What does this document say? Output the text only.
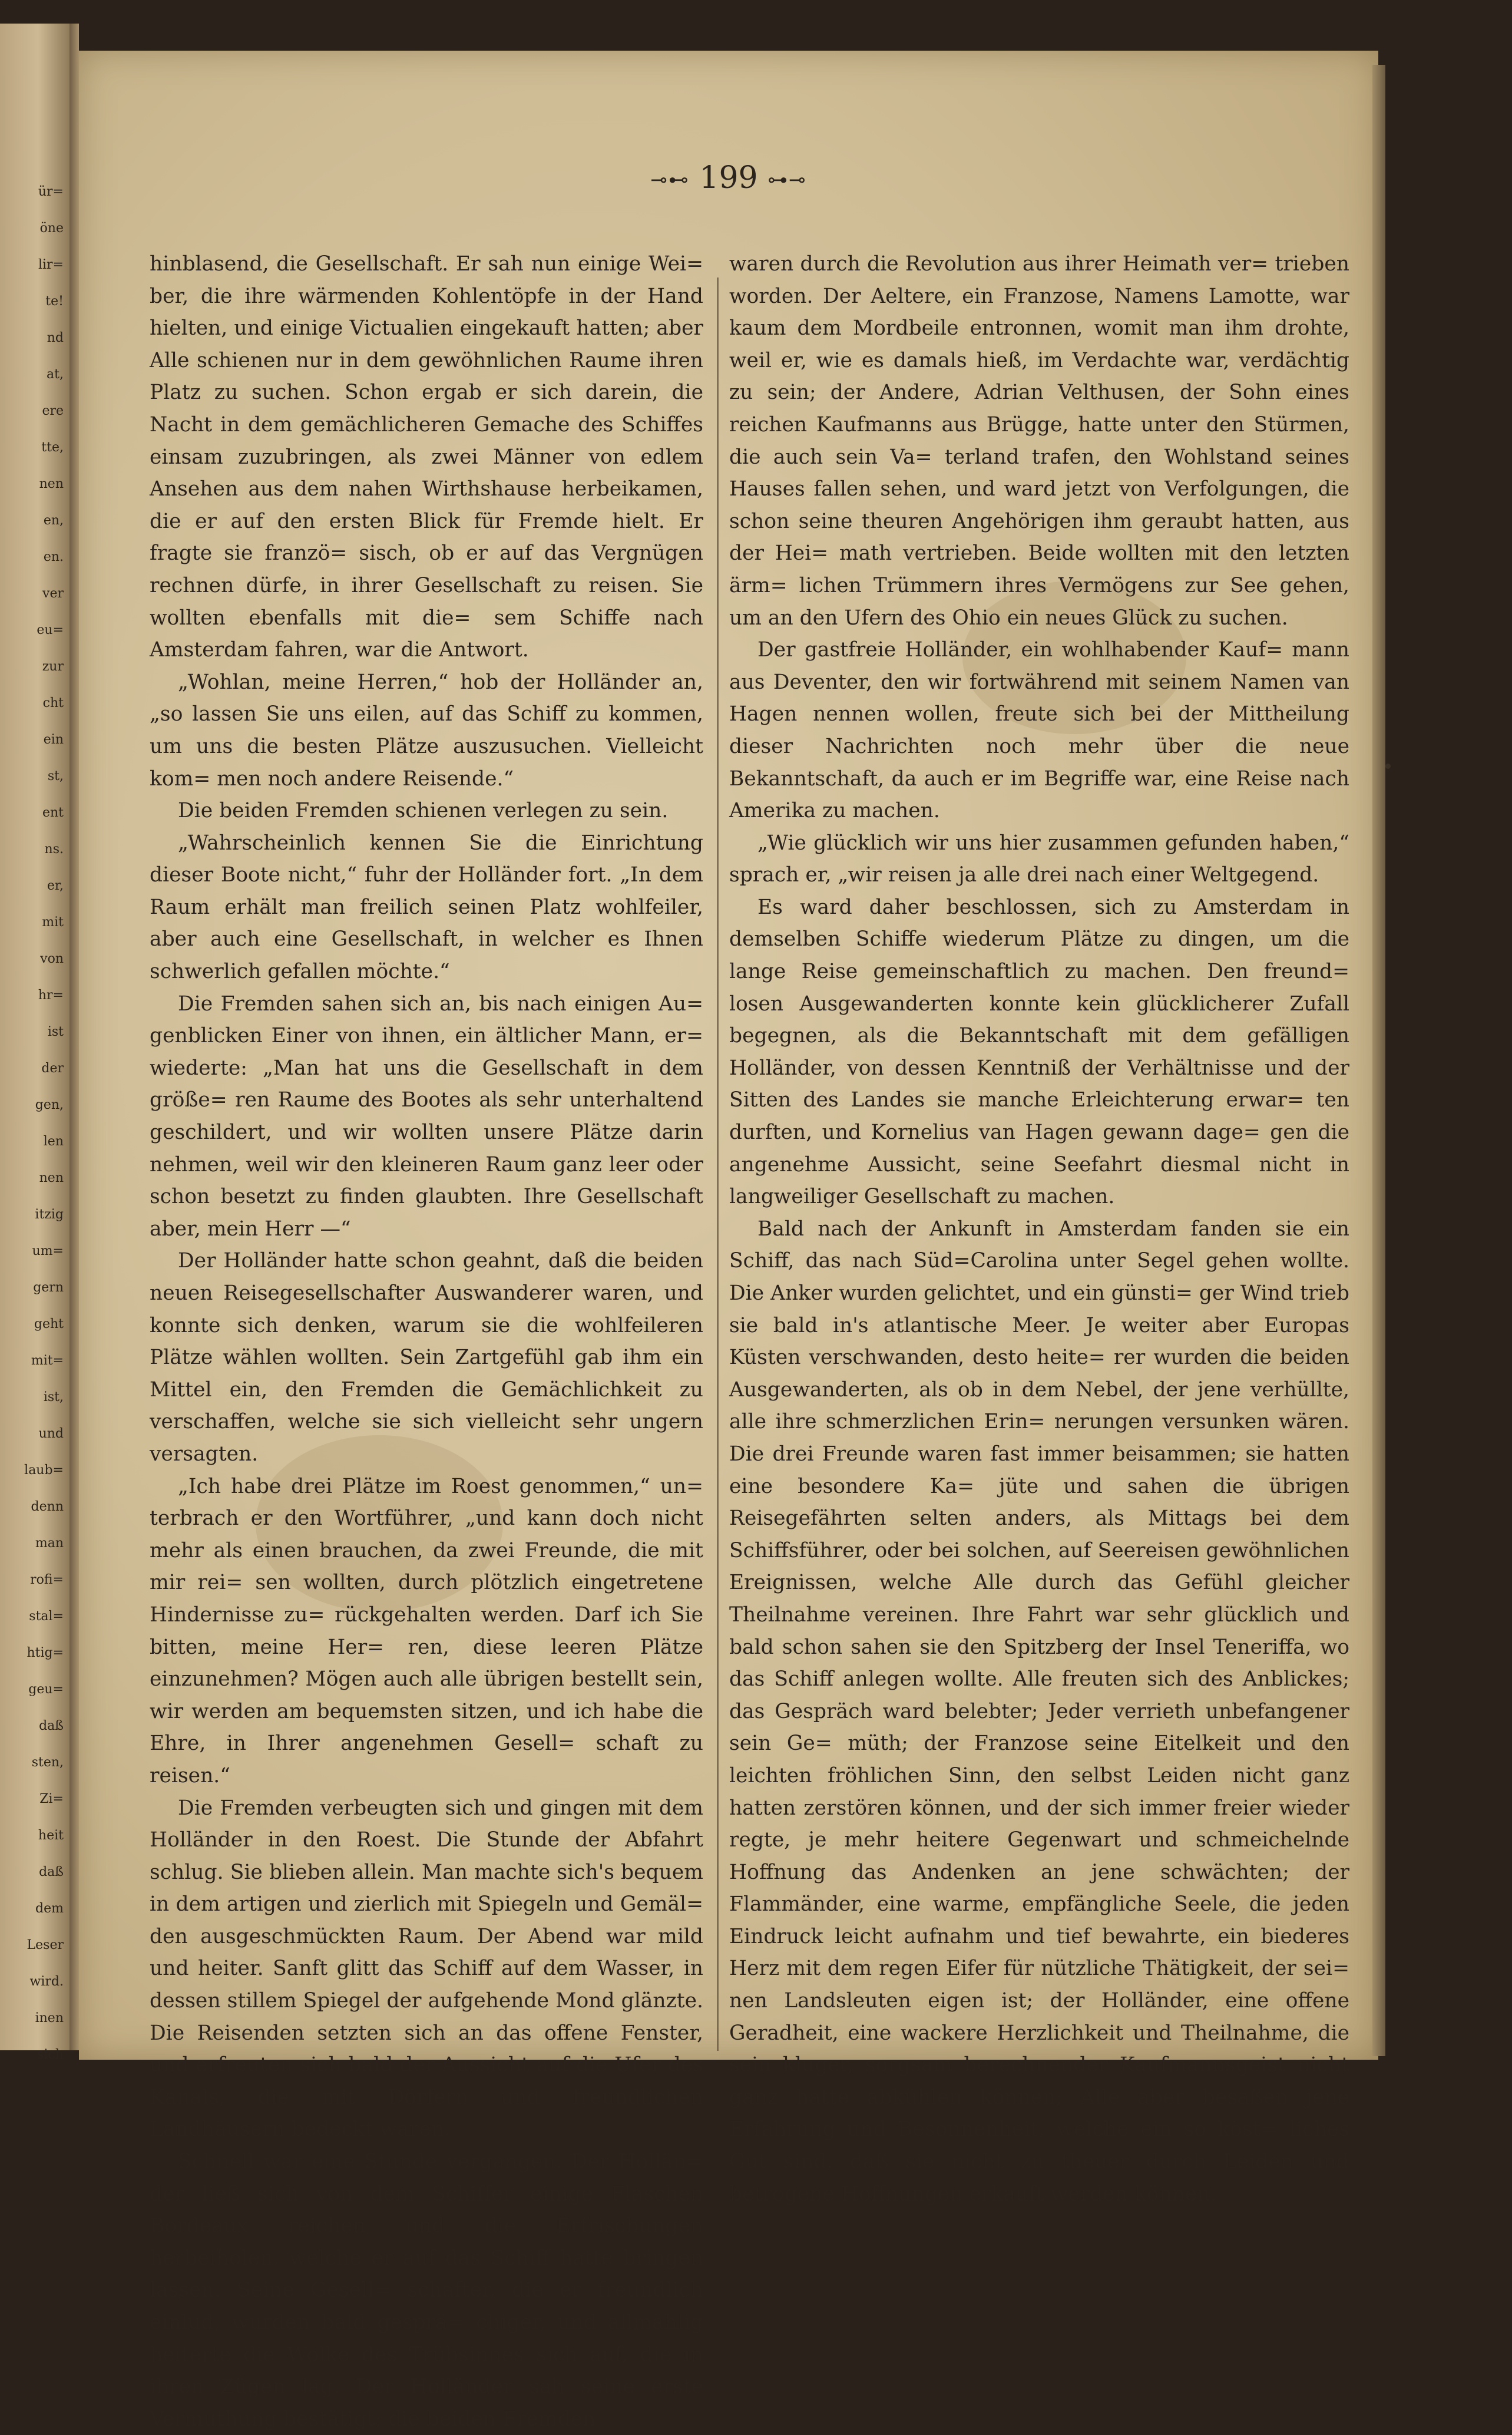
ür=
öne
lir=
te!
nd
at,
ere
tte,
nen
en,
en.
ver
eu=
zur
cht
ein
st,
ent
ns.
er,
mit
von
hr=
ist
der
gen,
len
nen
itzig
um=
gern
geht
mit=
ist,
und
laub=
denn
man
rofi=
stal=
htig=
geu=
daß
sten,
Zi=
heit
daß
dem
Leser
wird.
inen
sich
⊸⊷ 199 ⊶⊸

hinblasend, die Gesellschaft. Er sah nun einige Wei= ber, die ihre wärmenden Kohlentöpfe in der Hand hielten, und einige Victualien eingekauft hatten; aber Alle schienen nur in dem gewöhnlichen Raume ihren Platz zu suchen. Schon ergab er sich darein, die Nacht in dem gemächlicheren Gemache des Schiffes einsam zuzubringen, als zwei Männer von edlem Ansehen aus dem nahen Wirthshause herbeikamen, die er auf den ersten Blick für Fremde hielt. Er fragte sie franzö= sisch, ob er auf das Vergnügen rechnen dürfe, in ihrer Gesellschaft zu reisen. Sie wollten ebenfalls mit die= sem Schiffe nach Amsterdam fahren, war die Antwort.

„Wohlan, meine Herren,“ hob der Holländer an, „so lassen Sie uns eilen, auf das Schiff zu kommen, um uns die besten Plätze auszusuchen. Vielleicht kom= men noch andere Reisende.“

Die beiden Fremden schienen verlegen zu sein.

„Wahrscheinlich kennen Sie die Einrichtung dieser Boote nicht,“ fuhr der Holländer fort. „In dem Raum erhält man freilich seinen Platz wohlfeiler, aber auch eine Gesellschaft, in welcher es Ihnen schwerlich gefallen möchte.“

Die Fremden sahen sich an, bis nach einigen Au= genblicken Einer von ihnen, ein ältlicher Mann, er= wiederte: „Man hat uns die Gesellschaft in dem größe= ren Raume des Bootes als sehr unterhaltend geschildert, und wir wollten unsere Plätze darin nehmen, weil wir den kleineren Raum ganz leer oder schon besetzt zu finden glaubten. Ihre Gesellschaft aber, mein Herr —“

Der Holländer hatte schon geahnt, daß die beiden neuen Reisegesellschafter Auswanderer waren, und konnte sich denken, warum sie die wohlfeileren Plätze wählen wollten. Sein Zartgefühl gab ihm ein Mittel ein, den Fremden die Gemächlichkeit zu verschaffen, welche sie sich vielleicht sehr ungern versagten.

„Ich habe drei Plätze im Roest genommen,“ un= terbrach er den Wortführer, „und kann doch nicht mehr als einen brauchen, da zwei Freunde, die mit mir rei= sen wollten, durch plötzlich eingetretene Hindernisse zu= rückgehalten werden. Darf ich Sie bitten, meine Her= ren, diese leeren Plätze einzunehmen? Mögen auch alle übrigen bestellt sein, wir werden am bequemsten sitzen, und ich habe die Ehre, in Ihrer angenehmen Gesell= schaft zu reisen.“

Die Fremden verbeugten sich und gingen mit dem Holländer in den Roest. Die Stunde der Abfahrt schlug. Sie blieben allein. Man machte sich's bequem in dem artigen und zierlich mit Spiegeln und Gemäl= den ausgeschmückten Raum. Der Abend war mild und heiter. Sanft glitt das Schiff auf dem Wasser, in dessen stillem Spiegel der aufgehende Mond glänzte. Die Reisenden setzten sich an das offene Fenster, und erfreuten sich bald der Aussicht auf die Ufer des Kanals, die mit Dörfern und freundlichen Landhäusern bedeckt waren.

Schnell war eine Stunde vergangen. Der Hollän= der ließ sich von dem Schiffer einige Flaschen Bordeaux reichen und die Erfrischungen herbeiholen, welche er auf das Schiff hatte bringen lassen. Seine Gesell= schafter, die er freundlich einlud, wurden bald gesprä= chiger, und allmählig heiterte die Wolke des Trübsinnes sich auf, die in ihren Zügen lag. Der Holländer sah seine erste Vermuthung bestätigt; die beiden Fremden

waren durch die Revolution aus ihrer Heimath ver= trieben worden. Der Aeltere, ein Franzose, Namens Lamotte, war kaum dem Mordbeile entronnen, womit man ihm drohte, weil er, wie es damals hieß, im Verdachte war, verdächtig zu sein; der Andere, Adrian Velthusen, der Sohn eines reichen Kaufmanns aus Brügge, hatte unter den Stürmen, die auch sein Va= terland trafen, den Wohlstand seines Hauses fallen sehen, und ward jetzt von Verfolgungen, die schon seine theuren Angehörigen ihm geraubt hatten, aus der Hei= math vertrieben. Beide wollten mit den letzten ärm= lichen Trümmern ihres Vermögens zur See gehen, um an den Ufern des Ohio ein neues Glück zu suchen.

Der gastfreie Holländer, ein wohlhabender Kauf= mann aus Deventer, den wir fortwährend mit seinem Namen van Hagen nennen wollen, freute sich bei der Mittheilung dieser Nachrichten noch mehr über die neue Bekanntschaft, da auch er im Begriffe war, eine Reise nach Amerika zu machen.

„Wie glücklich wir uns hier zusammen gefunden haben,“ sprach er, „wir reisen ja alle drei nach einer Weltgegend.

Es ward daher beschlossen, sich zu Amsterdam in demselben Schiffe wiederum Plätze zu dingen, um die lange Reise gemeinschaftlich zu machen. Den freund= losen Ausgewanderten konnte kein glücklicherer Zufall begegnen, als die Bekanntschaft mit dem gefälligen Holländer, von dessen Kenntniß der Verhältnisse und der Sitten des Landes sie manche Erleichterung erwar= ten durften, und Kornelius van Hagen gewann dage= gen die angenehme Aussicht, seine Seefahrt diesmal nicht in langweiliger Gesellschaft zu machen.

Bald nach der Ankunft in Amsterdam fanden sie ein Schiff, das nach Süd=Carolina unter Segel gehen wollte. Die Anker wurden gelichtet, und ein günsti= ger Wind trieb sie bald in's atlantische Meer. Je weiter aber Europas Küsten verschwanden, desto heite= rer wurden die beiden Ausgewanderten, als ob in dem Nebel, der jene verhüllte, alle ihre schmerzlichen Erin= nerungen versunken wären. Die drei Freunde waren fast immer beisammen; sie hatten eine besondere Ka= jüte und sahen die übrigen Reisegefährten selten anders, als Mittags bei dem Schiffsführer, oder bei solchen, auf Seereisen gewöhnlichen Ereignissen, welche Alle durch das Gefühl gleicher Theilnahme vereinen. Ihre Fahrt war sehr glücklich und bald schon sahen sie den Spitzberg der Insel Teneriffa, wo das Schiff anlegen wollte. Alle freuten sich des Anblickes; das Gespräch ward belebter; Jeder verrieth unbefangener sein Ge= müth; der Franzose seine Eitelkeit und den leichten fröhlichen Sinn, den selbst Leiden nicht ganz hatten zerstören können, und der sich immer freier wieder regte, je mehr heitere Gegenwart und schmeichelnde Hoffnung das Andenken an jene schwächten; der Flammänder, eine warme, empfängliche Seele, die jeden Eindruck leicht aufnahm und tief bewahrte, ein biederes Herz mit dem regen Eifer für nützliche Thätigkeit, der sei= nen Landsleuten eigen ist; der Holländer, eine offene Geradheit, eine wackere Herzlichkeit und Theilnahme, die sein kluger, sorgsam berechnender Kaufmannsgeist nicht ganz hatte abkühlen können; Alle aber besaßen jene Erfahrung und Besonnenheit, welche ein so köst= liches Gut sind, daß sie nicht zu theuer durch Leiden und betrogene Hoffnungen erkauft werden können.
